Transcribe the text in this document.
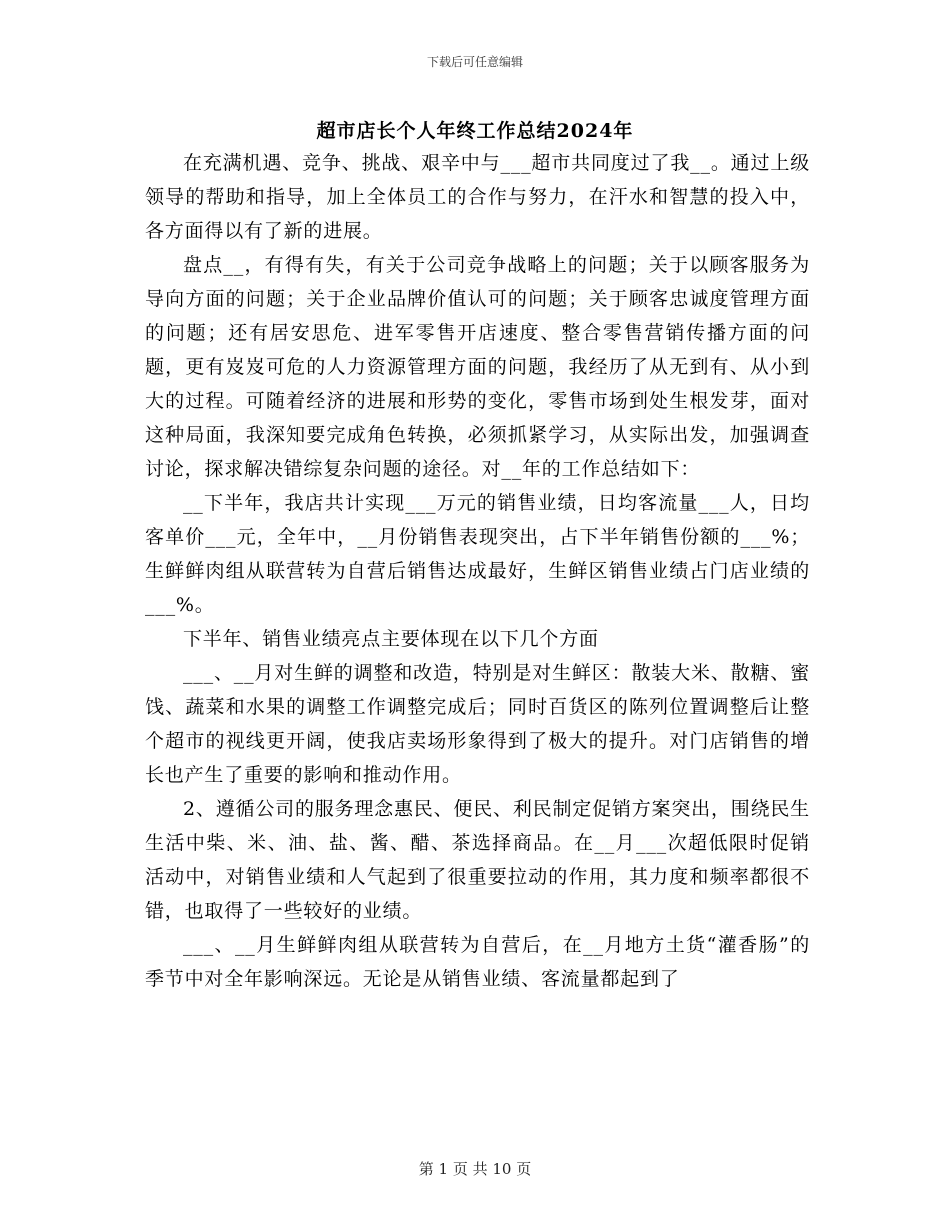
下载后可任意编辑
超市店长个人年终工作总结2024年

在充满机遇、竞争、挑战、艰辛中与___超市共同度过了我__。通过上级领导的帮助和指导，加上全体员工的合作与努力，在汗水和智慧的投入中，各方面得以有了新的进展。

盘点__，有得有失，有关于公司竞争战略上的问题；关于以顾客服务为导向方面的问题；关于企业品牌价值认可的问题；关于顾客忠诚度管理方面的问题；还有居安思危、进军零售开店速度、整合零售营销传播方面的问题，更有岌岌可危的人力资源管理方面的问题，我经历了从无到有、从小到大的过程。可随着经济的进展和形势的变化，零售市场到处生根发芽，面对这种局面，我深知要完成角色转换，必须抓紧学习，从实际出发，加强调查讨论，探求解决错综复杂问题的途径。对__年的工作总结如下：

__下半年，我店共计实现___万元的销售业绩，日均客流量___人，日均客单价___元，全年中，__月份销售表现突出，占下半年销售份额的___%；生鲜鲜肉组从联营转为自营后销售达成最好，生鲜区销售业绩占门店业绩的___%。

下半年、销售业绩亮点主要体现在以下几个方面

___、__月对生鲜的调整和改造，特别是对生鲜区：散装大米、散糖、蜜饯、蔬菜和水果的调整工作调整完成后；同时百货区的陈列位置调整后让整个超市的视线更开阔，使我店卖场形象得到了极大的提升。对门店销售的增长也产生了重要的影响和推动作用。

2、遵循公司的服务理念惠民、便民、利民制定促销方案突出，围绕民生生活中柴、米、油、盐、酱、醋、茶选择商品。在__月___次超低限时促销活动中，对销售业绩和人气起到了很重要拉动的作用，其力度和频率都很不错，也取得了一些较好的业绩。

___、__月生鲜鲜肉组从联营转为自营后，在__月地方土货“灌香肠”的季节中对全年影响深远。无论是从销售业绩、客流量都起到了

第 1 页 共 10 页
